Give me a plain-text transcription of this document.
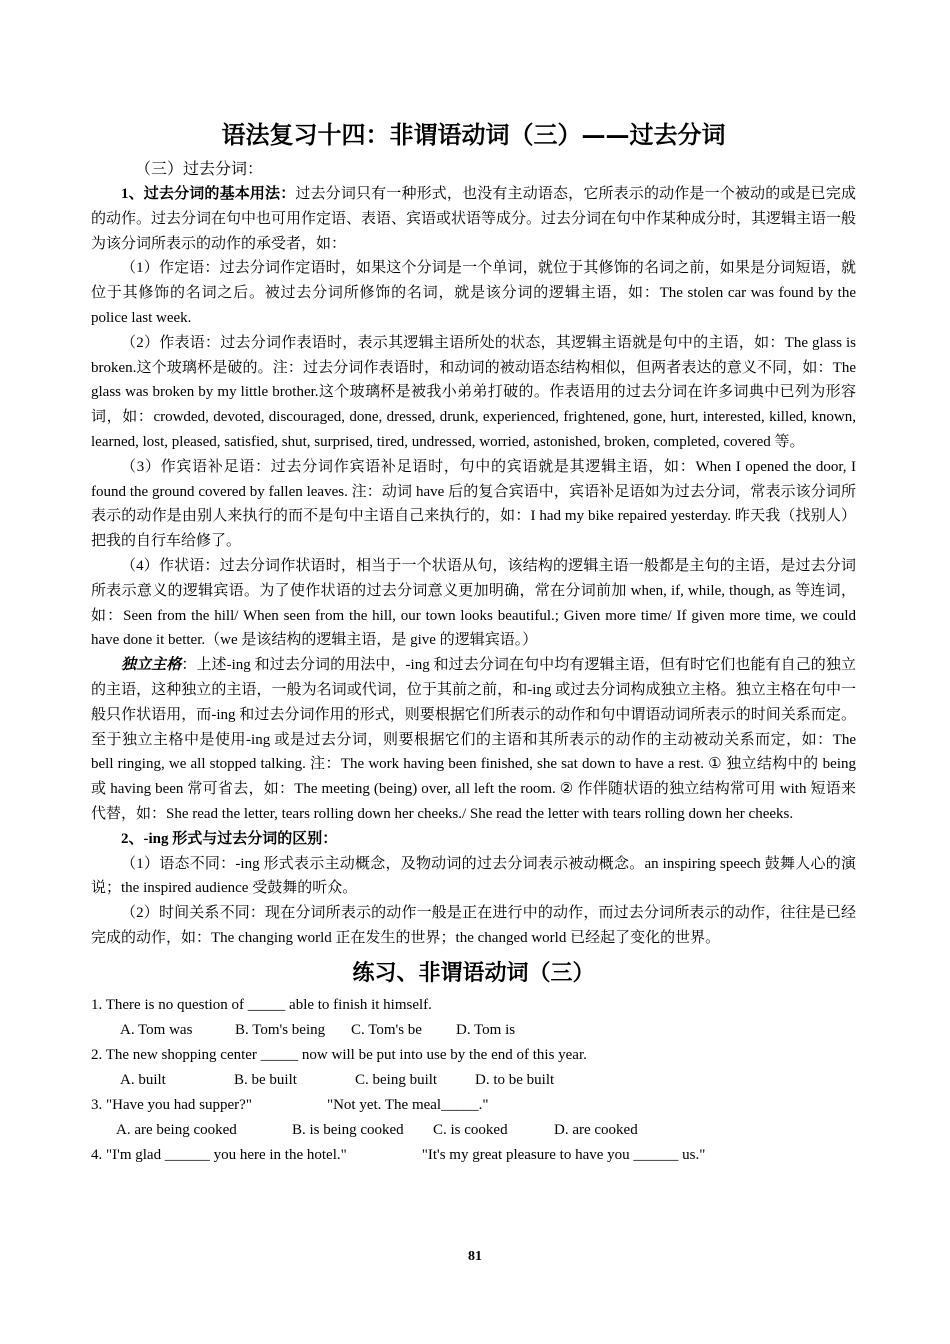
语法复习十四：非谓语动词（三）——过去分词
（三）过去分词：

1、过去分词的基本用法：过去分词只有一种形式，也没有主动语态，它所表示的动作是一个被动的或是已完成的动作。过去分词在句中也可用作定语、表语、宾语或状语等成分。过去分词在句中作某种成分时，其逻辑主语一般为该分词所表示的动作的承受者，如：

（1）作定语：过去分词作定语时，如果这个分词是一个单词，就位于其修饰的名词之前，如果是分词短语，就位于其修饰的名词之后。被过去分词所修饰的名词，就是该分词的逻辑主语，如：The stolen car was found by the police last week.

（2）作表语：过去分词作表语时，表示其逻辑主语所处的状态，其逻辑主语就是句中的主语，如：The glass is broken.这个玻璃杯是破的。注：过去分词作表语时，和动词的被动语态结构相似，但两者表达的意义不同，如：The glass was broken by my little brother.这个玻璃杯是被我小弟弟打破的。作表语用的过去分词在许多词典中已列为形容词，如：crowded, devoted, discouraged, done, dressed, drunk, experienced, frightened, gone, hurt, interested, killed, known, learned, lost, pleased, satisfied, shut, surprised, tired, undressed, worried, astonished, broken, completed, covered 等。

（3）作宾语补足语：过去分词作宾语补足语时，句中的宾语就是其逻辑主语，如：When I opened the door, I found the ground covered by fallen leaves. 注：动词 have 后的复合宾语中，宾语补足语如为过去分词，常表示该分词所表示的动作是由别人来执行的而不是句中主语自己来执行的，如：I had my bike repaired yesterday. 昨天我（找别人）把我的自行车给修了。

（4）作状语：过去分词作状语时，相当于一个状语从句，该结构的逻辑主语一般都是主句的主语，是过去分词所表示意义的逻辑宾语。为了使作状语的过去分词意义更加明确，常在分词前加 when, if, while, though, as 等连词，如：Seen from the hill/ When seen from the hill, our town looks beautiful.; Given more time/ If given more time, we could have done it better.（we 是该结构的逻辑主语，是 give 的逻辑宾语。）

独立主格：上述-ing 和过去分词的用法中，-ing 和过去分词在句中均有逻辑主语，但有时它们也能有自己的独立的主语，这种独立的主语，一般为名词或代词，位于其前之前，和-ing 或过去分词构成独立主格。独立主格在句中一般只作状语用，而-ing 和过去分词作用的形式，则要根据它们所表示的动作和句中谓语动词所表示的时间关系而定。至于独立主格中是使用-ing 或是过去分词，则要根据它们的主语和其所表示的动作的主动被动关系而定，如：The bell ringing, we all stopped talking. 注：The work having been finished, she sat down to have a rest. ① 独立结构中的 being 或 having been 常可省去，如：The meeting (being) over, all left the room. ② 作伴随状语的独立结构常可用 with 短语来代替，如：She read the letter, tears rolling down her cheeks./ She read the letter with tears rolling down her cheeks.

2、-ing 形式与过去分词的区别：

（1）语态不同：-ing 形式表示主动概念，及物动词的过去分词表示被动概念。an inspiring speech 鼓舞人心的演说；the inspired audience 受鼓舞的听众。

（2）时间关系不同：现在分词所表示的动作一般是正在进行中的动作，而过去分词所表示的动作，往往是已经完成的动作，如：The changing world 正在发生的世界；the changed world 已经起了变化的世界。

练习、非谓语动词（三）
1. There is no question of _____ able to finish it himself.
A. Tom was	B. Tom's being	C. Tom's be	D. Tom is
2. The new shopping center _____ now will be put into use by the end of this year.
A. built	B. be built	C. being built	D. to be built
3. "Have you had supper?"                    "Not yet. The meal_____."
A. are being cooked	B. is being cooked	C. is cooked	D. are cooked
4. "I'm glad ______ you here in the hotel."                    "It's my great pleasure to have you ______ us."
81
